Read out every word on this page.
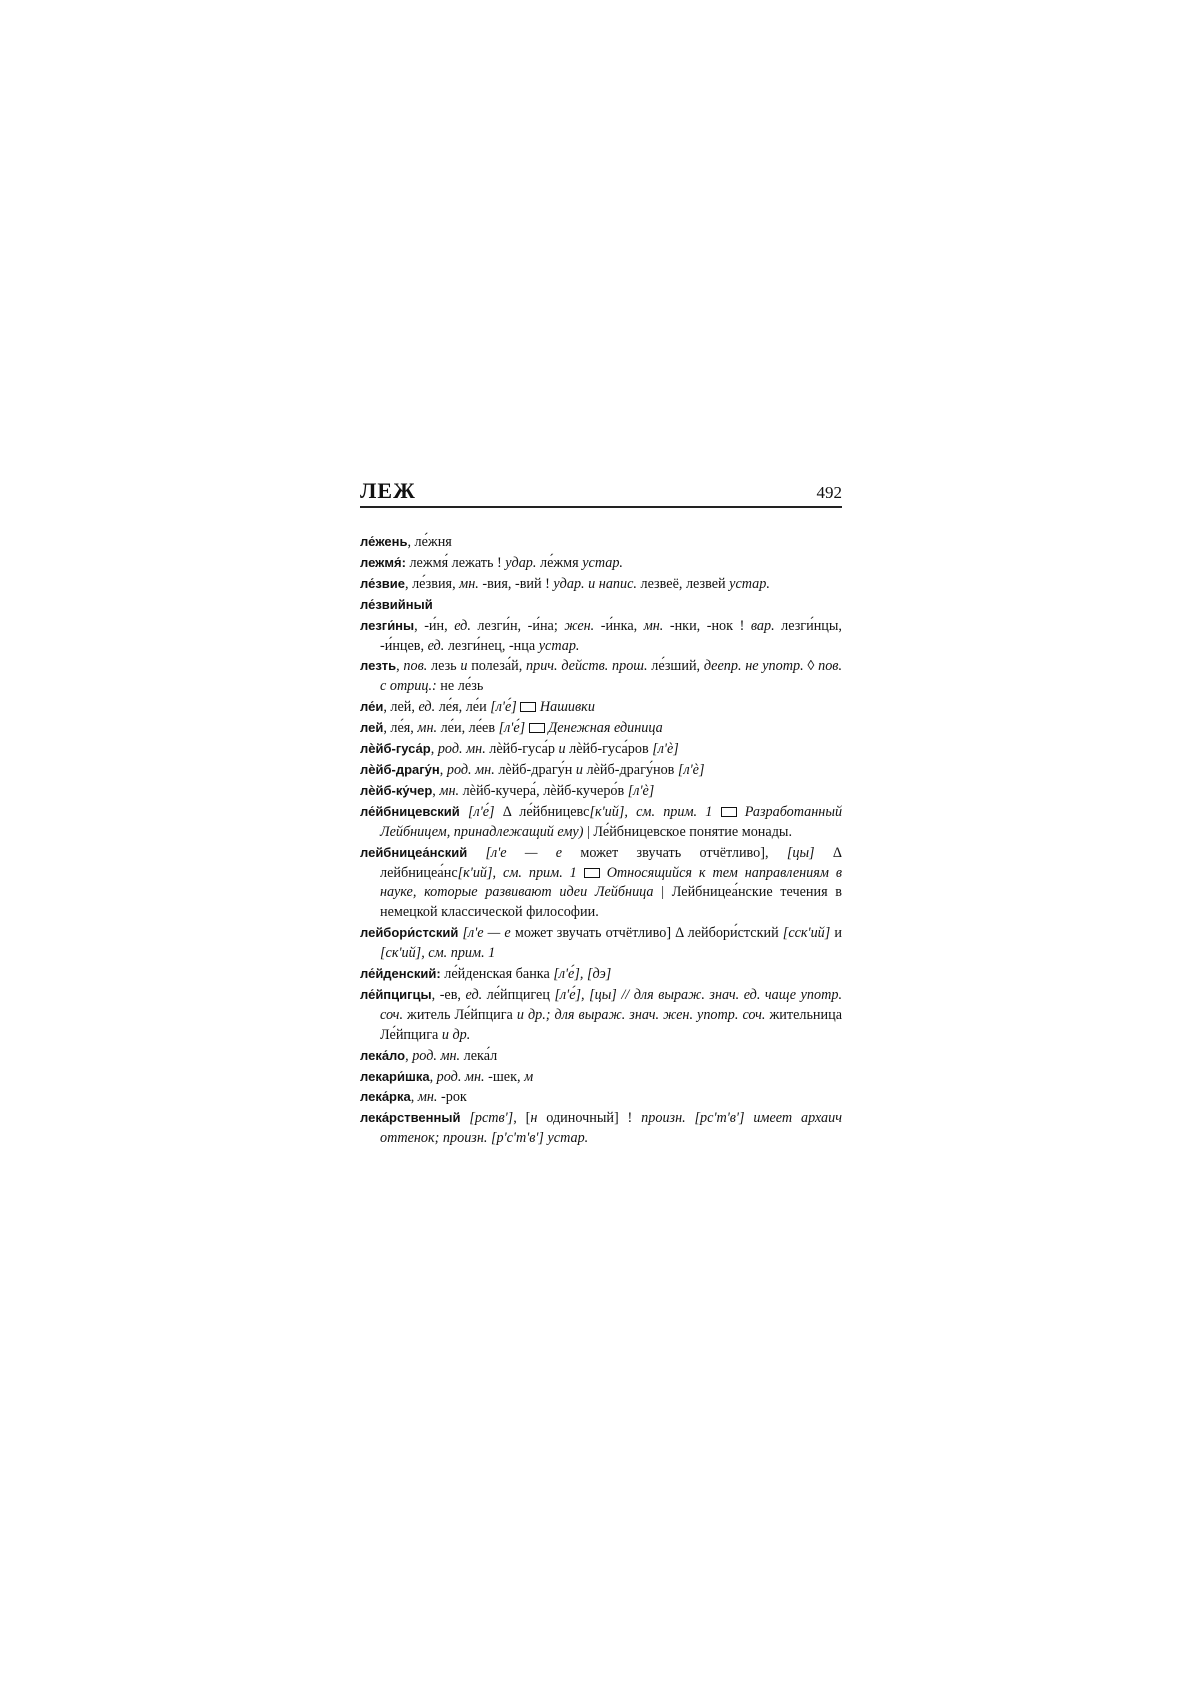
ЛЕЖ	492

ле́жень, ле́жня

лежмя́: лежмя́ лежать ! удар. ле́жмя устар.

ле́звие, ле́звия, мн. -вия, -вий ! удар. и напис. лезвеё, лезвей устар.

ле́звийный

лезги́ны, -и́н, ед. лезги́н, -и́на; жен. -и́нка, мн. -нки, -нок ! вар. лезги́нцы, -и́нцев, ед. лезги́нец, -нца устар.

лезть, пов. лезь и полеза́й, прич. действ. прош. ле́зший, деепр. не употр. ◊ пов. с отриц.: не ле́зь

ле́и, лей, ед. ле́я, ле́и [л'е́] Нашивки

лей, ле́я, мн. ле́и, ле́ев [л'е́] Денежная единица

лѐйб-гуса́р, род. мн. лѐйб-гуса́р и лѐйб-гуса́ров [л'ѐ]

лѐйб-драгу́н, род. мн. лѐйб-драгу́н и лѐйб-драгу́нов [л'ѐ]

лѐйб-ку́чер, мн. лѐйб-кучера́, лѐйб-кучеро́в [л'ѐ]

ле́йбницевский [л'е́] Δ ле́йбницевс[к'ий], см. прим. 1 Разработанный Лейбницем, принадлежащий ему) | Ле́йбницевское понятие монады.

лейбницеа́нский [л'е — е может звучать отчётливо], [цы] Δ лейбницеа́нс[к'ий], см. прим. 1 Относящийся к тем направлениям в науке, которые развивают идеи Лейбница | Лейбницеа́нские течения в немецкой классической философии.

лейбори́стский [л'е — е может звучать отчётливо] Δ лейбори́стский [сск'ий] и [ск'ий], см. прим. 1

ле́йденский: ле́йденская банка [л'е́], [дэ]

ле́йпцигцы, -ев, ед. ле́йпцигец [л'е́], [цы] // для выраж. знач. ед. чаще употр. соч. житель Ле́йпцига и др.; для выраж. знач. жен. употр. соч. жительница Ле́йпцига и др.

лека́ло, род. мн. лека́л

лекари́шка, род. мн. -шек, м

лека́рка, мн. -рок

лека́рственный [рств'], [н одиночный] ! произн. [рс'т'в'] имеет архаич оттенок; произн. [р'с'т'в'] устар.
